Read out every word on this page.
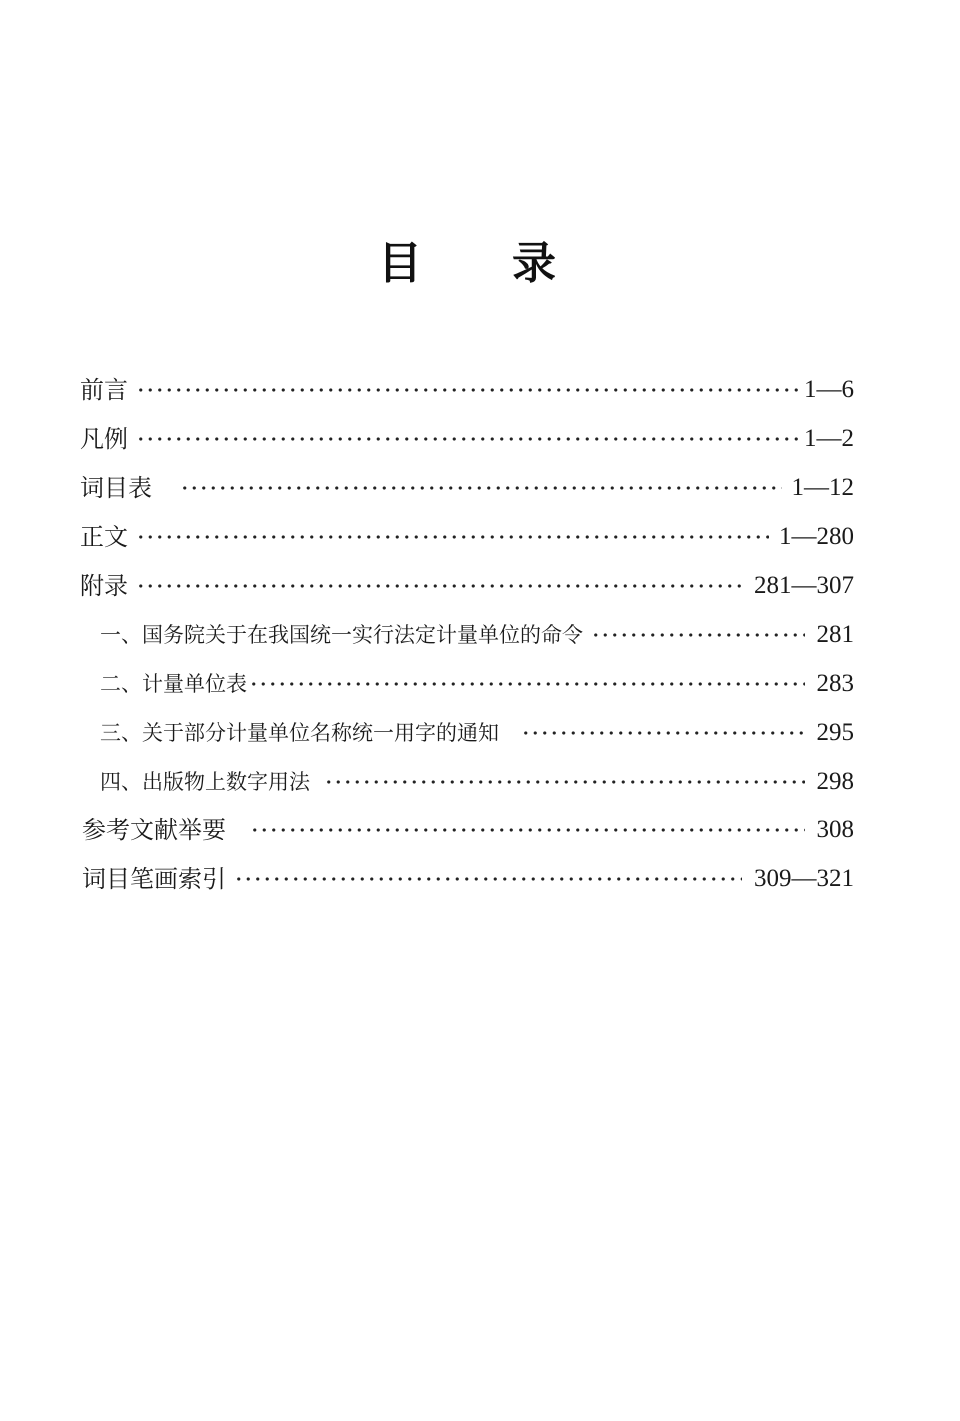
目 录
前言	1—6
凡例	1—2
词目表	1—12
正文	1—280
附录	281—307
一、国务院关于在我国统一实行法定计量单位的命令	281
二、计量单位表	283
三、关于部分计量单位名称统一用字的通知	295
四、出版物上数字用法	298
参考文献举要	308
词目笔画索引	309—321
